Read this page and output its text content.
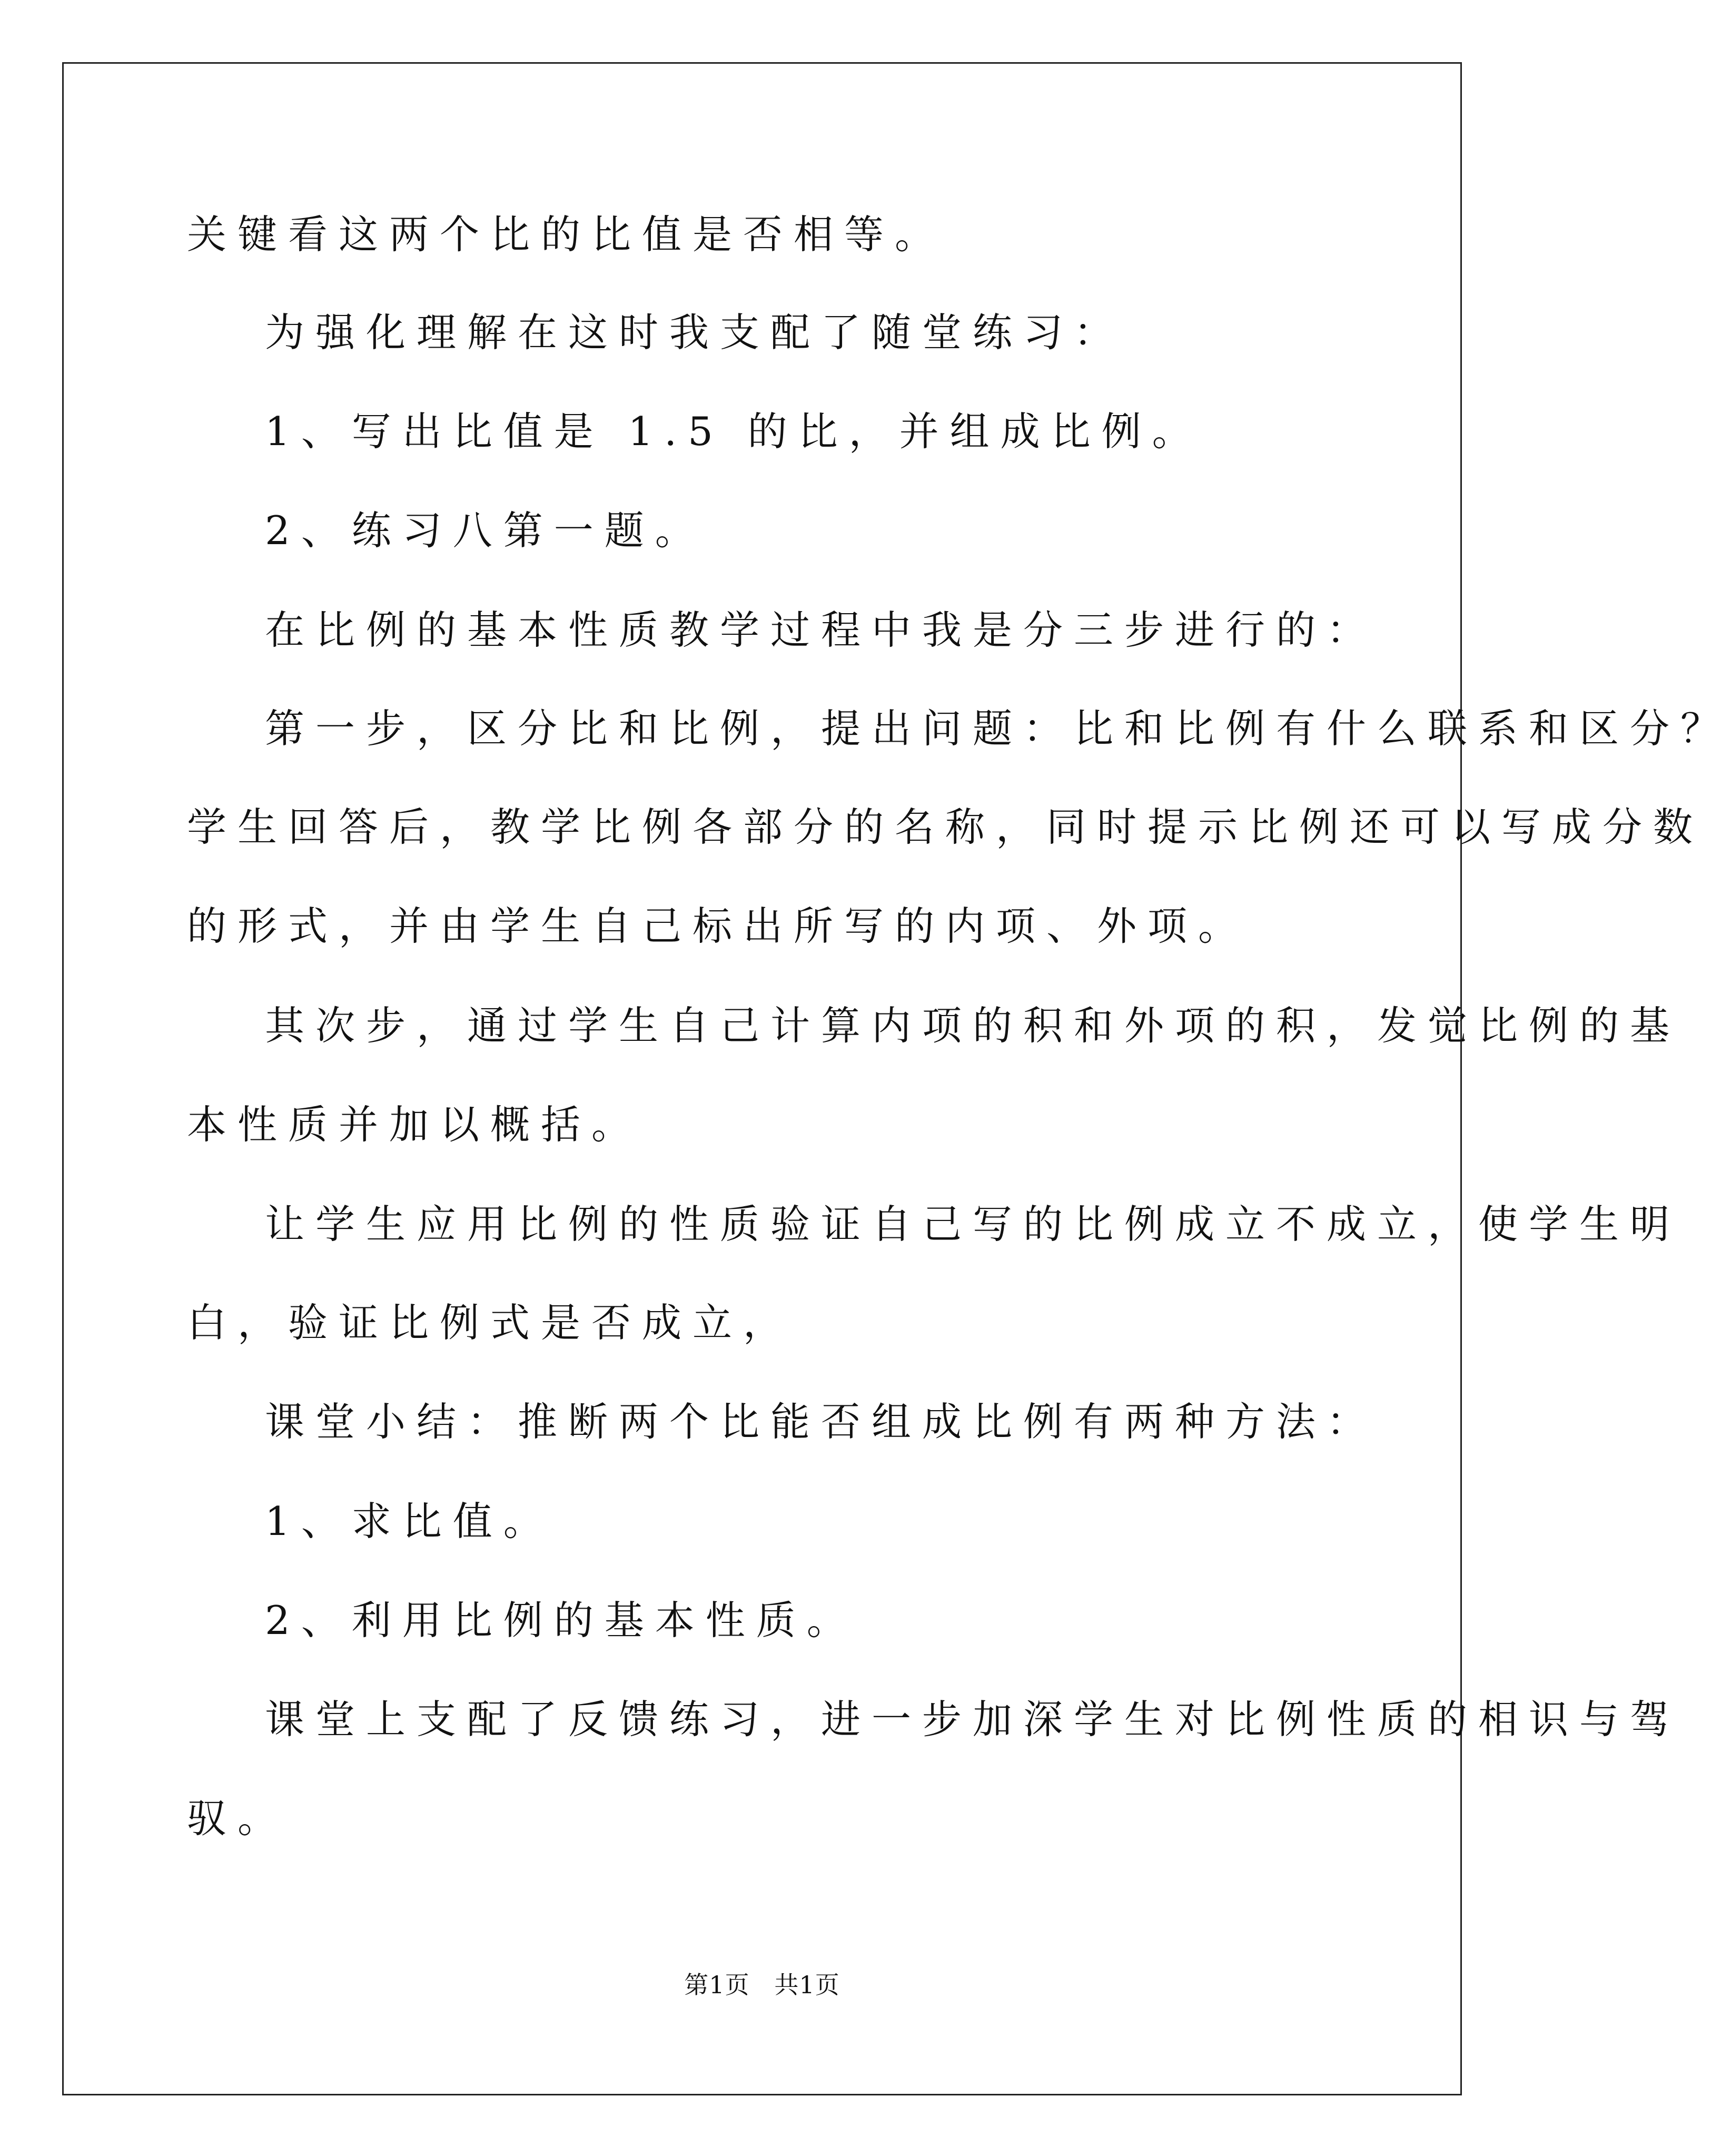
关键看这两个比的比值是否相等。
为强化理解在这时我支配了随堂练习：
1、写出比值是 1.5 的比，并组成比例。
2、练习八第一题。
在比例的基本性质教学过程中我是分三步进行的：
第一步，区分比和比例，提出问题：比和比例有什么联系和区分？
学生回答后，教学比例各部分的名称，同时提示比例还可以写成分数
的形式，并由学生自己标出所写的内项、外项。
其次步，通过学生自己计算内项的积和外项的积，发觉比例的基
本性质并加以概括。
让学生应用比例的性质验证自己写的比例成立不成立，使学生明
白，验证比例式是否成立，
课堂小结：推断两个比能否组成比例有两种方法：
1、求比值。
2、利用比例的基本性质。
课堂上支配了反馈练习，进一步加深学生对比例性质的相识与驾
驭。
第1页   共1页
